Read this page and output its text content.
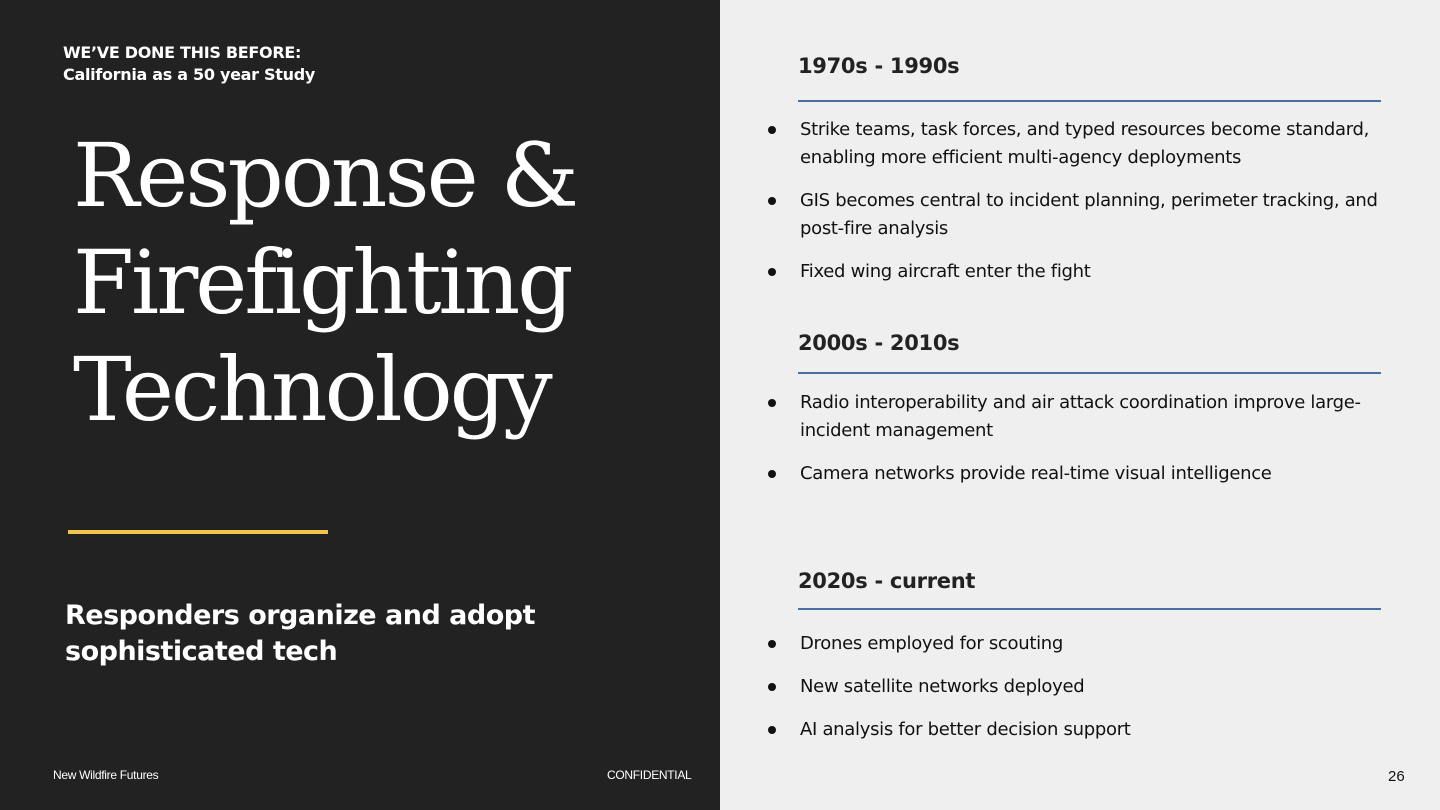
WE’VE DONE THIS BEFORE:
California as a 50 year Study
Response &
Firefighting
Technology
Responders organize and adopt
sophisticated tech
New Wildfire Futures	CONFIDENTIAL
1970s - 1990s
Strike teams, task forces, and typed resources become standard, enabling more efficient multi-agency deployments
GIS becomes central to incident planning, perimeter tracking, and post-fire analysis
Fixed wing aircraft enter the fight
2000s - 2010s
Radio interoperability and air attack coordination improve large-incident management
Camera networks provide real-time visual intelligence
2020s - current
Drones employed for scouting
New satellite networks deployed
AI analysis for better decision support
26
